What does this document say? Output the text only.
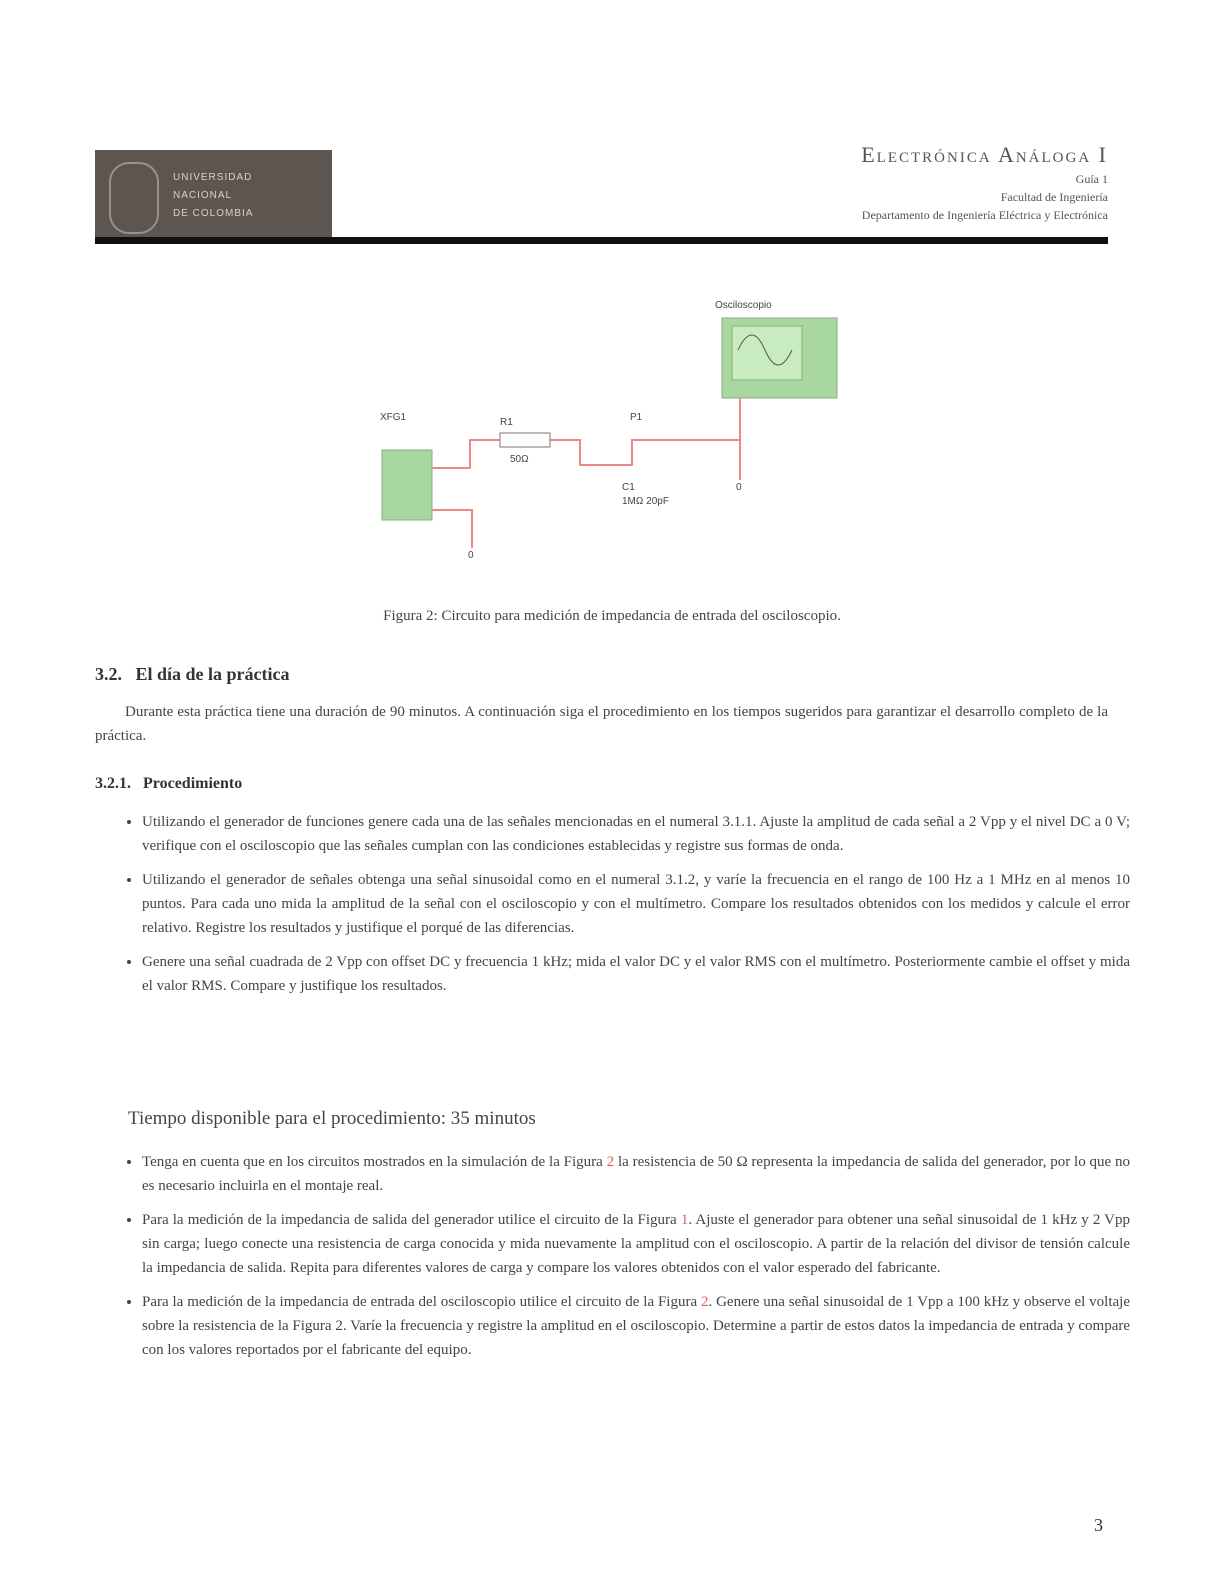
UNIVERSIDAD
NACIONAL
DE COLOMBIA
Electrónica Análoga I
Guía 1
Facultad de Ingeniería
Departamento de Ingeniería Eléctrica y Electrónica
Osciloscopio
XFG1	R1
50Ω
P1
C1
1MΩ 20pF
0
0
Figura 2: Circuito para medición de impedancia de entrada del osciloscopio.
3.2. El día de la práctica
Durante esta práctica tiene una duración de 90 minutos. A continuación siga el procedimiento en los tiempos sugeridos para garantizar el desarrollo completo de la práctica.
3.2.1. Procedimiento
• Utilizando el generador de funciones genere cada una de las señales mencionadas en el numeral 3.1.1. Ajuste la amplitud de cada señal a 2 Vpp y el nivel DC a 0 V; verifique con el osciloscopio que las señales cumplan con las condiciones establecidas y registre sus formas de onda.
• Utilizando el generador de señales obtenga una señal sinusoidal como en el numeral 3.1.2, y varíe la frecuencia en el rango de 100 Hz a 1 MHz en al menos 10 puntos. Para cada uno mida la amplitud de la señal con el osciloscopio y con el multímetro. Compare los resultados obtenidos con los medidos y calcule el error relativo. Registre los resultados y justifique el porqué de las diferencias.
• Genere una señal cuadrada de 2 Vpp con offset DC y frecuencia 1 kHz; mida el valor DC y el valor RMS con el multímetro. Posteriormente cambie el offset y mida el valor RMS. Compare y justifique los resultados.
Tiempo disponible para el procedimiento: 35 minutos
• Tenga en cuenta que en los circuitos mostrados en la simulación de la Figura 2 la resistencia de 50 Ω representa la impedancia de salida del generador, por lo que no es necesario incluirla en el montaje real.
• Para la medición de la impedancia de salida del generador utilice el circuito de la Figura 1. Ajuste el generador para obtener una señal sinusoidal de 1 kHz y 2 Vpp sin carga; luego conecte una resistencia de carga conocida y mida nuevamente la amplitud con el osciloscopio. A partir de la relación del divisor de tensión calcule la impedancia de salida. Repita para diferentes valores de carga y compare los valores obtenidos con el valor esperado del fabricante.
• Para la medición de la impedancia de entrada del osciloscopio utilice el circuito de la Figura 2. Genere una señal sinusoidal de 1 Vpp a 100 kHz y observe el voltaje sobre la resistencia de la Figura 2. Varíe la frecuencia y registre la amplitud en el osciloscopio. Determine a partir de estos datos la impedancia de entrada y compare con los valores reportados por el fabricante del equipo.
3
